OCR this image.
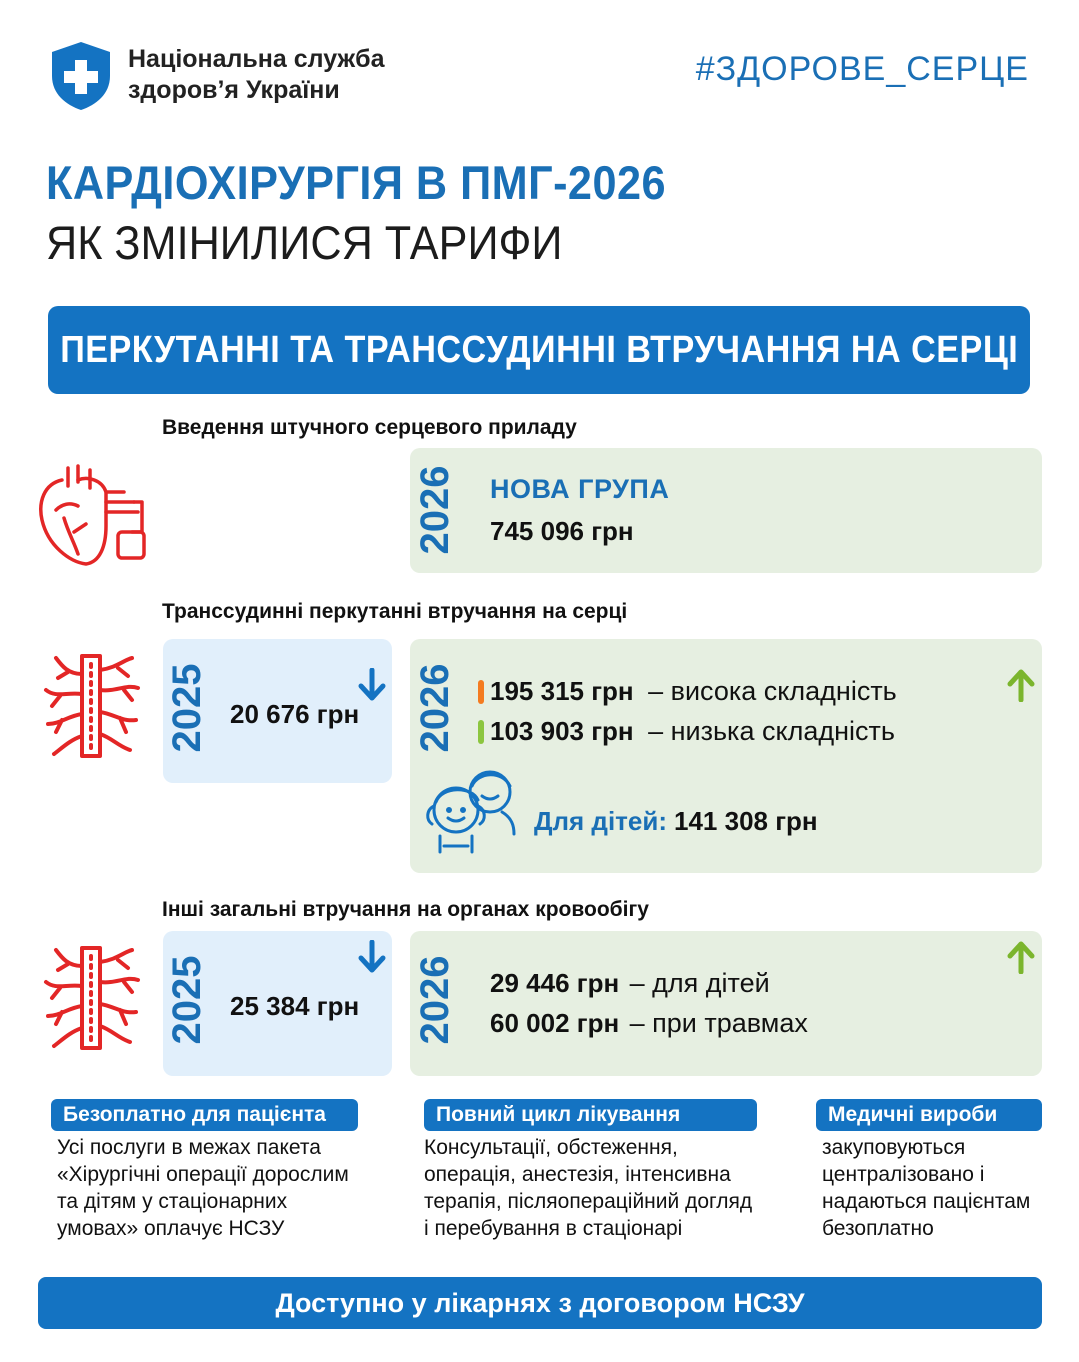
Національна служба
здоров’я України
#ЗДОРОВЕ_СЕРЦЕ
КАРДІОХІРУРГІЯ В ПМГ-2026
ЯК ЗМІНИЛИСЯ ТАРИФИ
ПЕРКУТАННІ ТА ТРАНССУДИННІ ВТРУЧАННЯ НА СЕРЦІ
Введення штучного серцевого приладу
2026 НОВА ГРУПА
745 096 грн
Транссудинні перкутанні втручання на серці
2025 20 676 грн 2026	195 315 грн – висока складність
103 903 грн – низька складність
Для дітей: 141 308 грн
Інші загальні втручання на органах кровообігу
2025 25 384 грн 2026 29 446 грн – для дітей
60 002 грн – при травмах
Безоплатно для пацієнта
Усі послуги в межах пакета
«Хірургічні операції дорослим
та дітям у стаціонарних
умовах» оплачує НСЗУ
Повний цикл лікування
Консультації, обстеження,
операція, анестезія, інтенсивна
терапія, післяопераційний догляд
і перебування в стаціонарі
Медичні вироби
закуповуються
централізовано і
надаються пацієнтам
безоплатно
Доступно у лікарнях з договором НСЗУ
